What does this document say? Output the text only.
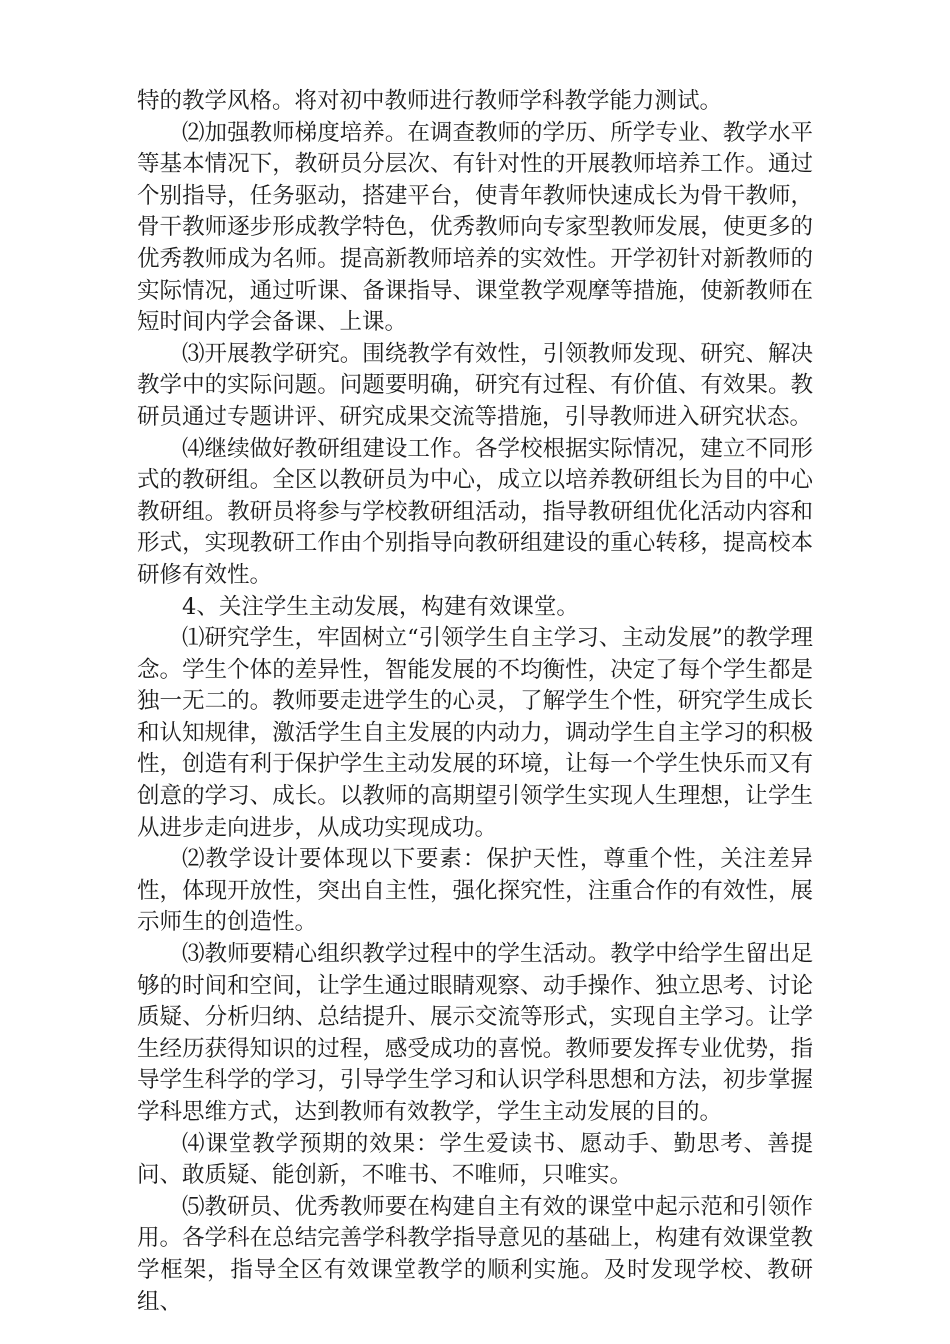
特的教学风格。将对初中教师进行教师学科教学能力测试。

⑵加强教师梯度培养。在调查教师的学历、所学专业、教学水平等基本情况下，教研员分层次、有针对性的开展教师培养工作。通过个别指导，任务驱动，搭建平台，使青年教师快速成长为骨干教师，骨干教师逐步形成教学特色，优秀教师向专家型教师发展，使更多的优秀教师成为名师。提高新教师培养的实效性。开学初针对新教师的实际情况，通过听课、备课指导、课堂教学观摩等措施，使新教师在短时间内学会备课、上课。

⑶开展教学研究。围绕教学有效性，引领教师发现、研究、解决教学中的实际问题。问题要明确，研究有过程、有价值、有效果。教研员通过专题讲评、研究成果交流等措施，引导教师进入研究状态。

⑷继续做好教研组建设工作。各学校根据实际情况，建立不同形式的教研组。全区以教研员为中心，成立以培养教研组长为目的中心教研组。教研员将参与学校教研组活动，指导教研组优化活动内容和形式，实现教研工作由个别指导向教研组建设的重心转移，提高校本研修有效性。

4、关注学生主动发展，构建有效课堂。

⑴研究学生，牢固树立“引领学生自主学习、主动发展”的教学理念。学生个体的差异性，智能发展的不均衡性，决定了每个学生都是独一无二的。教师要走进学生的心灵，了解学生个性，研究学生成长和认知规律，激活学生自主发展的内动力，调动学生自主学习的积极性，创造有利于保护学生主动发展的环境，让每一个学生快乐而又有创意的学习、成长。以教师的高期望引领学生实现人生理想，让学生从进步走向进步，从成功实现成功。

⑵教学设计要体现以下要素：保护天性，尊重个性，关注差异性，体现开放性，突出自主性，强化探究性，注重合作的有效性，展示师生的创造性。

⑶教师要精心组织教学过程中的学生活动。教学中给学生留出足够的时间和空间，让学生通过眼睛观察、动手操作、独立思考、讨论质疑、分析归纳、总结提升、展示交流等形式，实现自主学习。让学生经历获得知识的过程，感受成功的喜悦。教师要发挥专业优势，指导学生科学的学习，引导学生学习和认识学科思想和方法，初步掌握学科思维方式，达到教师有效教学，学生主动发展的目的。

⑷课堂教学预期的效果：学生爱读书、愿动手、勤思考、善提问、敢质疑、能创新，不唯书、不唯师，只唯实。

⑸教研员、优秀教师要在构建自主有效的课堂中起示范和引领作用。各学科在总结完善学科教学指导意见的基础上，构建有效课堂教学框架，指导全区有效课堂教学的顺利实施。及时发现学校、教研组、
